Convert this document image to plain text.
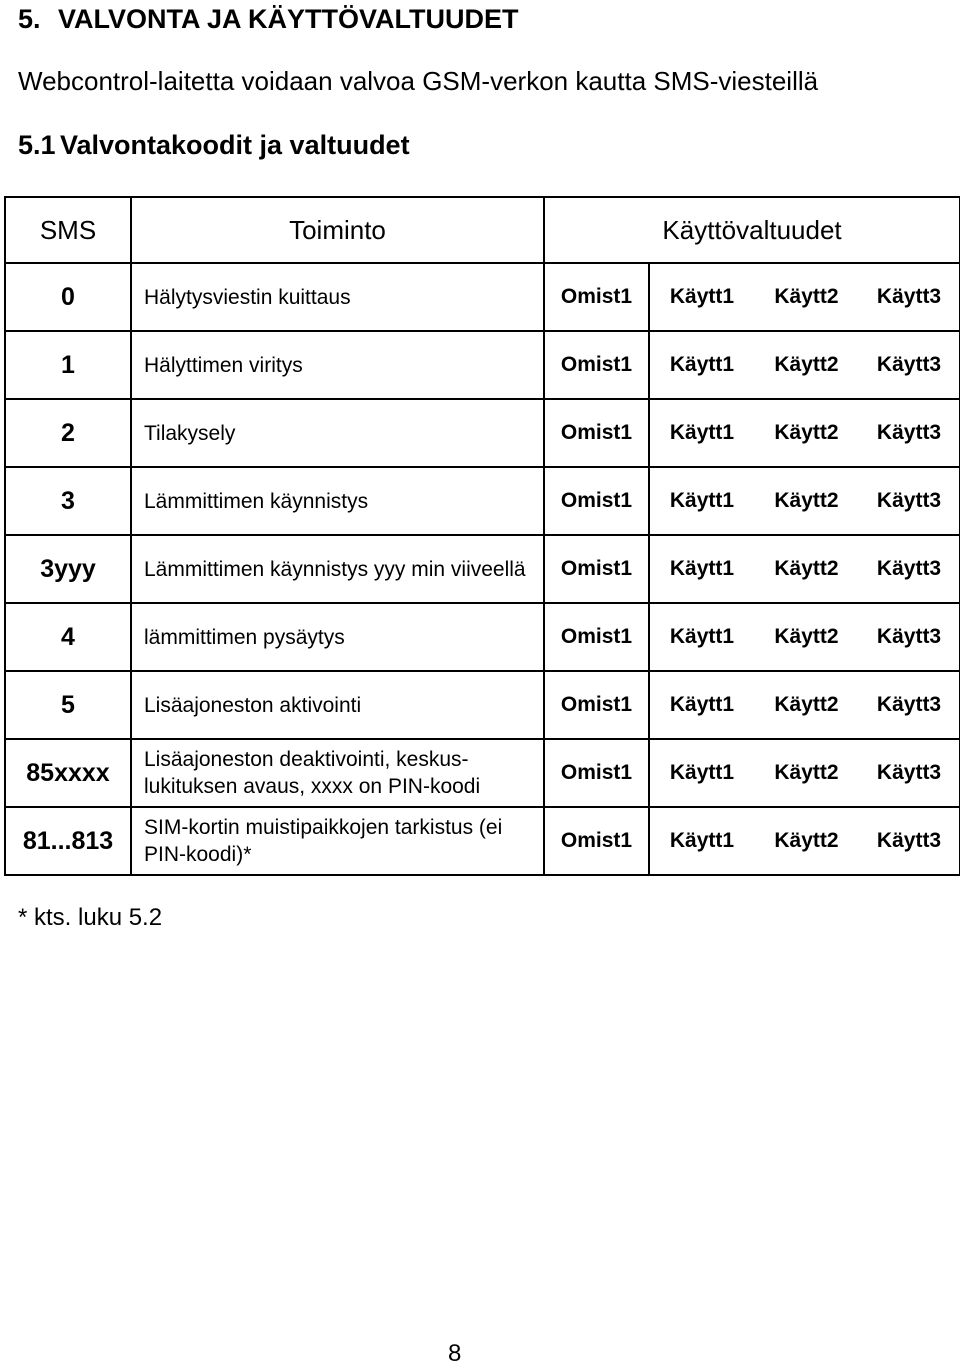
5. VALVONTA JA KÄYTTÖVALTUUDET
Webcontrol-laitetta voidaan valvoa GSM-verkon kautta SMS-viesteillä
5.1 Valvontakoodit ja valtuudet
SMS	Toiminto	Käyttövaltuudet			
0	Hälytysviestin kuittaus	Omist1	Käytt1	Käytt2	Käytt3
1	Hälyttimen viritys	Omist1	Käytt1	Käytt2	Käytt3
2	Tilakysely	Omist1	Käytt1	Käytt2	Käytt3
3	Lämmittimen käynnistys	Omist1	Käytt1	Käytt2	Käytt3
3yyy	Lämmittimen käynnistys yyy min viiveellä	Omist1	Käytt1	Käytt2	Käytt3
4	lämmittimen pysäytys	Omist1	Käytt1	Käytt2	Käytt3
5	Lisäajoneston aktivointi	Omist1	Käytt1	Käytt2	Käytt3
85xxxx	Lisäajoneston deaktivointi, keskus-lukituksen avaus, xxxx on PIN-koodi	Omist1	Käytt1	Käytt2	Käytt3
81...813	SIM-kortin muistipaikkojen tarkistus (ei PIN-koodi)*	Omist1	Käytt1	Käytt2	Käytt3
* kts. luku 5.2
8
